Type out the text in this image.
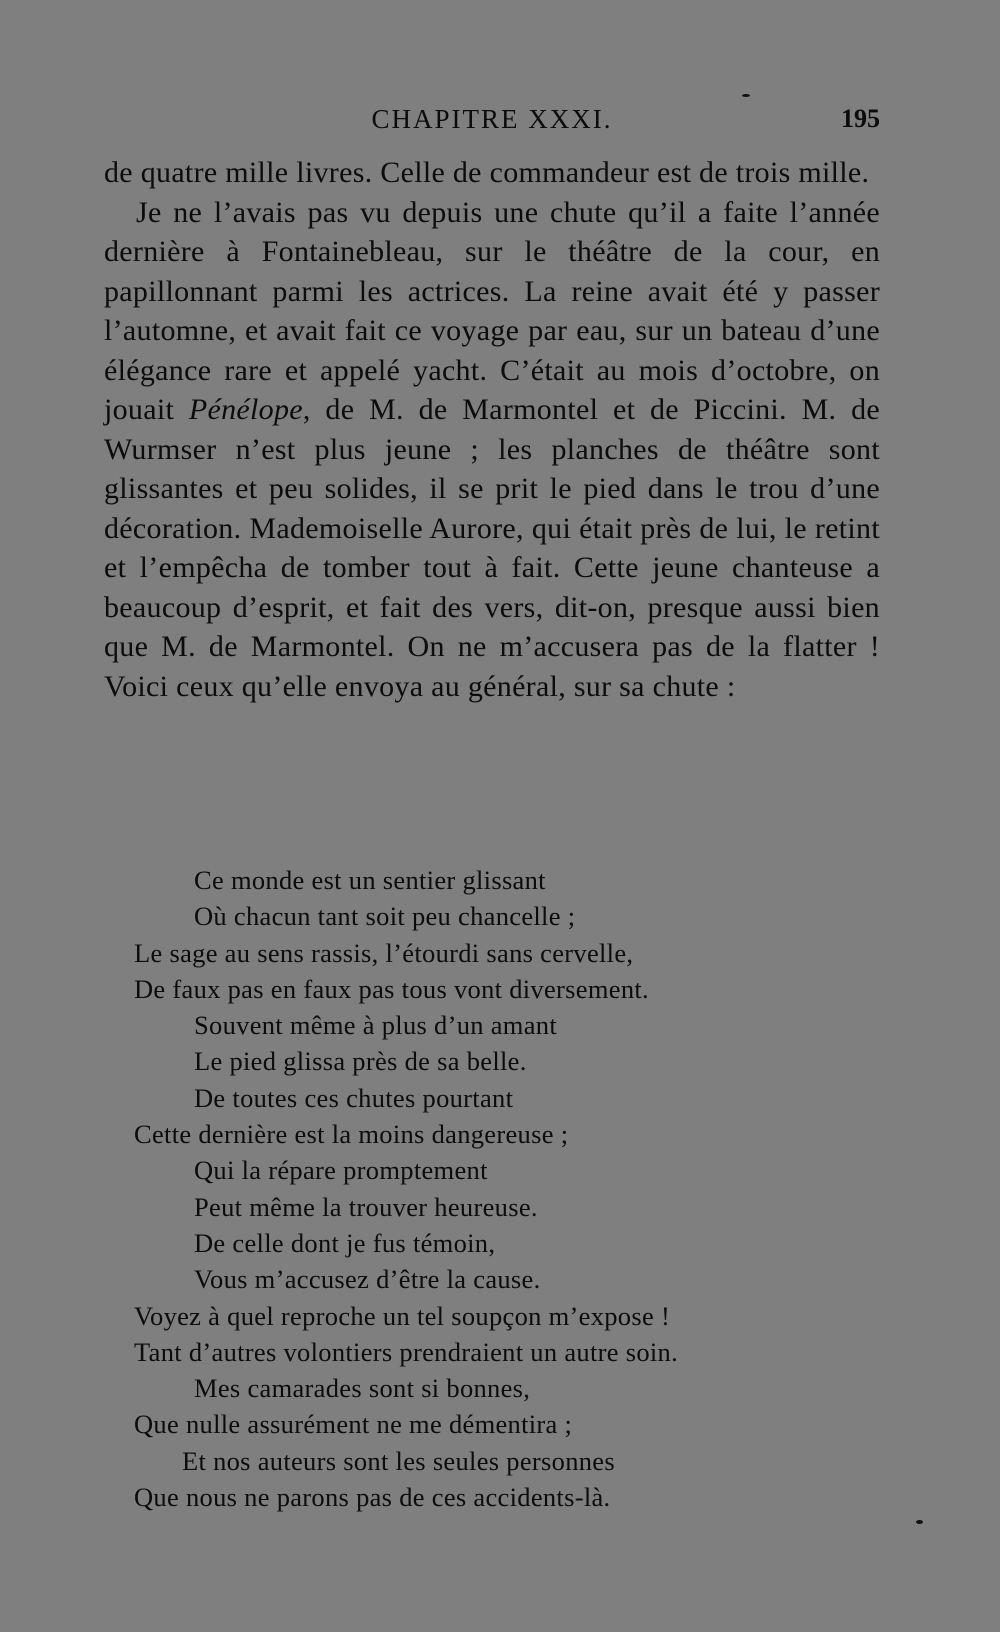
CHAPITRE XXXI.	195

de quatre mille livres. Celle de commandeur est de trois mille.

Je ne l’avais pas vu depuis une chute qu’il a faite l’année dernière à Fontainebleau, sur le théâtre de la cour, en papillonnant parmi les actrices. La reine avait été y passer l’automne, et avait fait ce voyage par eau, sur un bateau d’une élégance rare et appelé yacht. C’était au mois d’octobre, on jouait Pénélope, de M. de Marmontel et de Piccini. M. de Wurmser n’est plus jeune ; les planches de théâtre sont glissantes et peu solides, il se prit le pied dans le trou d’une décoration. Mademoiselle Aurore, qui était près de lui, le retint et l’empêcha de tomber tout à fait. Cette jeune chanteuse a beaucoup d’esprit, et fait des vers, dit-on, presque aussi bien que M. de Marmontel. On ne m’accusera pas de la flatter ! Voici ceux qu’elle envoya au général, sur sa chute :

Ce monde est un sentier glissant
Où chacun tant soit peu chancelle ;
Le sage au sens rassis, l’étourdi sans cervelle,
De faux pas en faux pas tous vont diversement.
Souvent même à plus d’un amant
Le pied glissa près de sa belle.
De toutes ces chutes pourtant
Cette dernière est la moins dangereuse ;
Qui la répare promptement
Peut même la trouver heureuse.
De celle dont je fus témoin,
Vous m’accusez d’être la cause.
Voyez à quel reproche un tel soupçon m’expose !
Tant d’autres volontiers prendraient un autre soin.
Mes camarades sont si bonnes,
Que nulle assurément ne me démentira ;
Et nos auteurs sont les seules personnes
Que nous ne parons pas de ces accidents-là.
